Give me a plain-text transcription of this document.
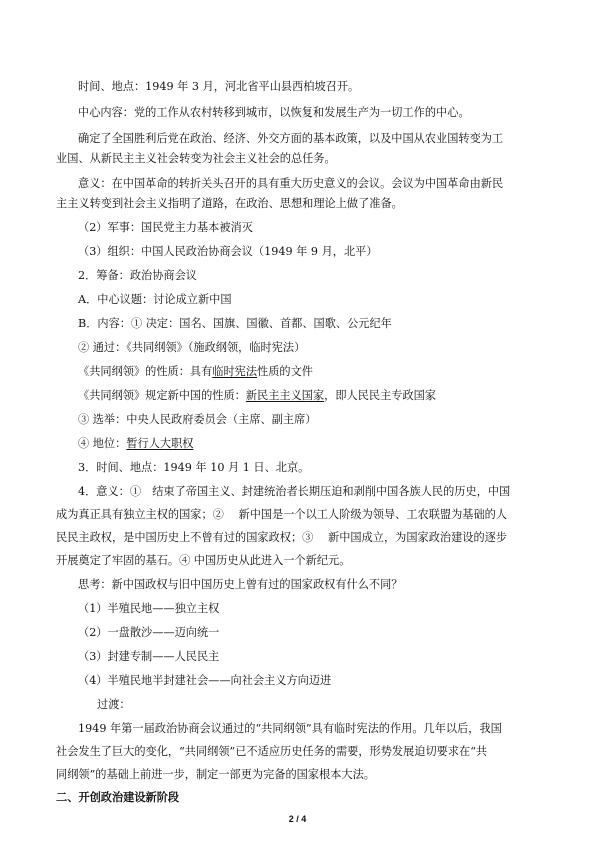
时间、地点：1949 年 3 月，河北省平山县西柏坡召开。
中心内容：党的工作从农村转移到城市，以恢复和发展生产为一切工作的中心。
确定了全国胜利后党在政治、经济、外交方面的基本政策，以及中国从农业国转变为工
业国、从新民主主义社会转变为社会主义社会的总任务。
意义：在中国革命的转折关头召开的具有重大历史意义的会议。会议为中国革命由新民
主主义转变到社会主义指明了道路，在政治、思想和理论上做了准备。
（2）军事：国民党主力基本被消灭
（3）组织：中国人民政治协商会议（1949 年 9 月，北平）
2．筹备：政治协商会议
A．中心议题：讨论成立新中国
B．内容：① 决定：国名、国旗、国徽、首都、国歌、公元纪年
② 通过：《共同纲领》（施政纲领，临时宪法）
《共同纲领》的性质：具有临时宪法性质的文件
《共同纲领》规定新中国的性质：新民主主义国家，即人民民主专政国家
③ 选举：中央人民政府委员会（主席、副主席）
④ 地位：暂行人大职权
3．时间、地点：1949 年 10 月 1 日、北京。
4．意义：①　结束了帝国主义、封建统治者长期压迫和剥削中国各族人民的历史，中国
成为真正具有独立主权的国家；②　 新中国是一个以工人阶级为领导、工农联盟为基础的人
民民主政权，是中国历史上不曾有过的国家政权；③　 新中国成立，为国家政治建设的逐步
开展奠定了牢固的基石。④ 中国历史从此进入一个新纪元。
思考：新中国政权与旧中国历史上曾有过的国家政权有什么不同？
（1）半殖民地——独立主权
（2）一盘散沙——迈向统一
（3）封建专制——人民民主
（4）半殖民地半封建社会——向社会主义方向迈进
过渡：
1949 年第一届政治协商会议通过的“共同纲领”具有临时宪法的作用。几年以后，我国
社会发生了巨大的变化，“共同纲领”已不适应历史任务的需要，形势发展迫切要求在“共
同纲领”的基础上前进一步，制定一部更为完备的国家根本大法。
二、开创政治建设新阶段
2 / 4
